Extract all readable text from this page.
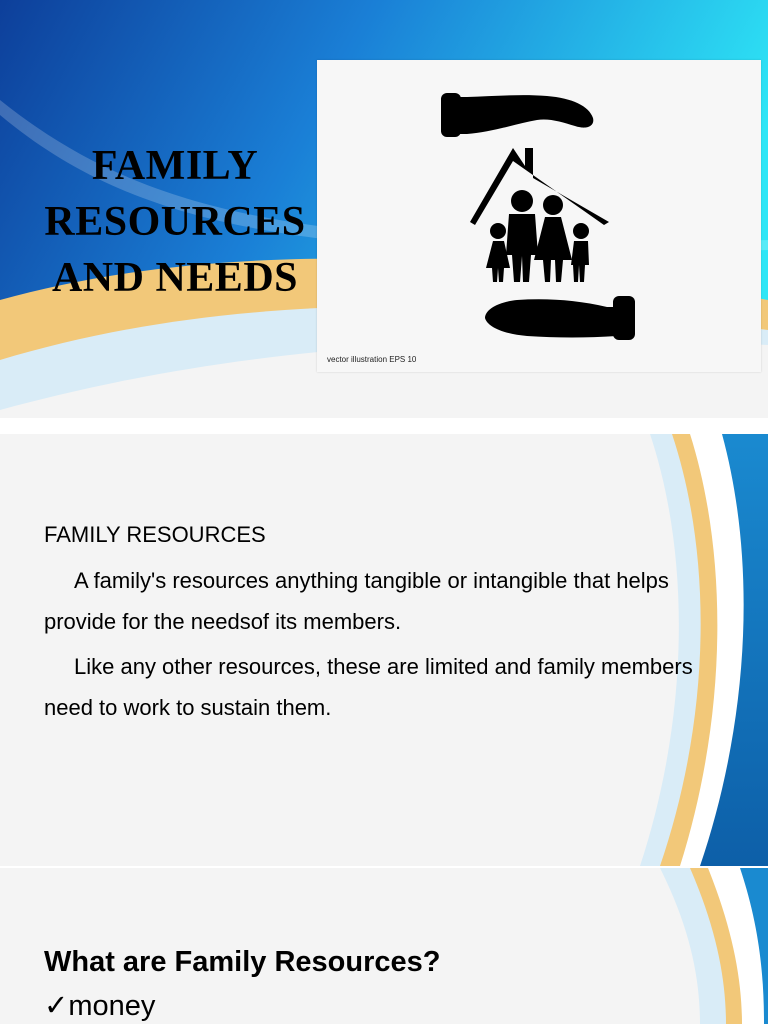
FAMILY
RESOURCES
AND NEEDS
vector illustration EPS 10
FAMILY RESOURCES
A family's resources anything tangible or intangible that helps provide for the needsof its members.
Like any other resources, these are limited and family members need to work to sustain them.
What are Family Resources?
✓money
